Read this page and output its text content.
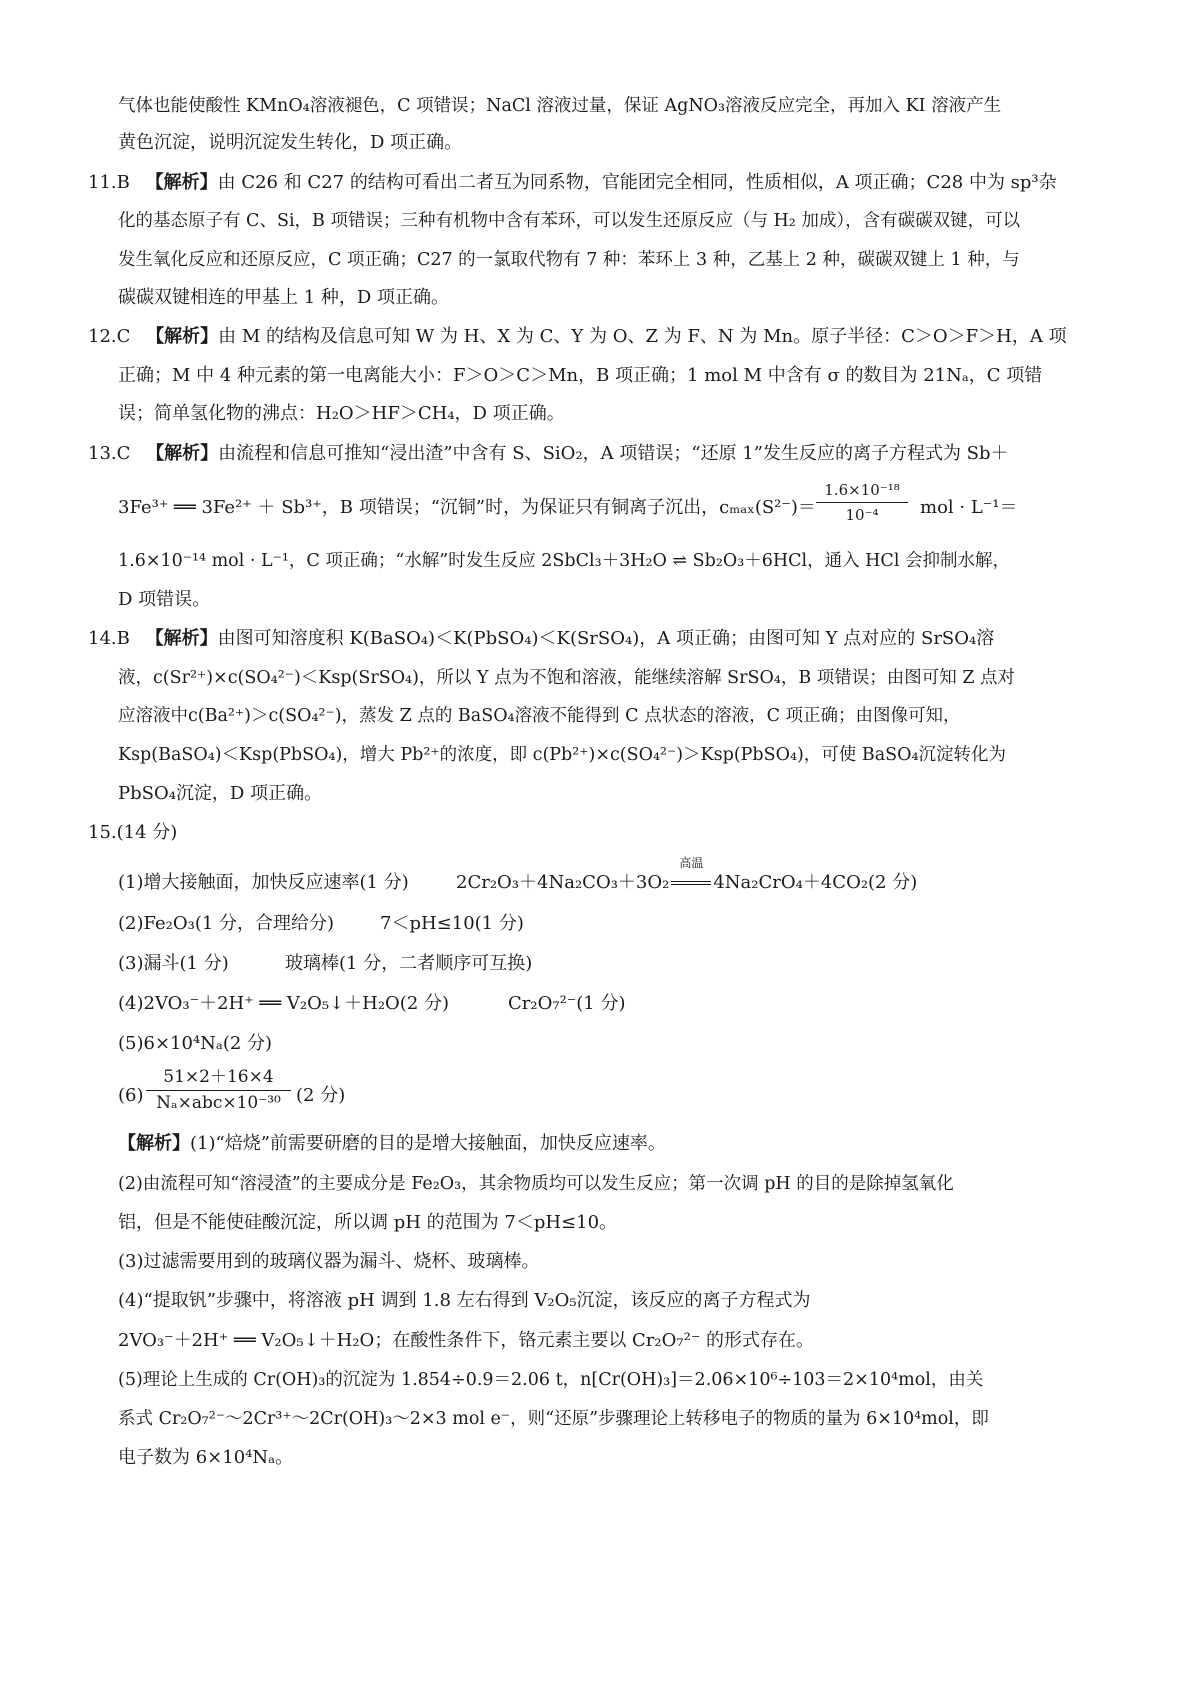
气体也能使酸性 KMnO₄溶液褪色，C 项错误；NaCl 溶液过量，保证 AgNO₃溶液反应完全，再加入 KI 溶液产生
黄色沉淀，说明沉淀发生转化，D 项正确。
11.B 【解析】由 C26 和 C27 的结构可看出二者互为同系物，官能团完全相同，性质相似，A 项正确；C28 中为 sp³杂
化的基态原子有 C、Si，B 项错误；三种有机物中含有苯环，可以发生还原反应（与 H₂ 加成），含有碳碳双键，可以
发生氧化反应和还原反应，C 项正确；C27 的一氯取代物有 7 种：苯环上 3 种，乙基上 2 种，碳碳双键上 1 种，与
碳碳双键相连的甲基上 1 种，D 项正确。
12.C 【解析】由 M 的结构及信息可知 W 为 H、X 为 C、Y 为 O、Z 为 F、N 为 Mn。原子半径：C＞O＞F＞H，A 项
正确；M 中 4 种元素的第一电离能大小：F＞O＞C＞Mn，B 项正确；1 mol M 中含有 σ 的数目为 21Nₐ，C 项错
误；简单氢化物的沸点：H₂O＞HF＞CH₄，D 项正确。
13.C 【解析】由流程和信息可推知“浸出渣”中含有 S、SiO₂，A 项错误；“还原 1”发生反应的离子方程式为 Sb＋
3Fe³⁺ ══ 3Fe²⁺ ＋ Sb³⁺，B 项错误；“沉铜”时，为保证只有铜离子沉出，$c_{max}(S^{2-})= \frac{\text{1.6×10⁻¹⁸}}{\text{10⁻⁴}}$ mol · L⁻¹＝
1.6×10⁻¹⁴ mol · L⁻¹，C 项正确；“水解”时发生反应 2SbCl₃＋3H₂O ⇌ Sb₂O₃＋6HCl，通入 HCl 会抑制水解，
D 项错误。
14.B 【解析】由图可知溶度积 K(BaSO₄)＜K(PbSO₄)＜K(SrSO₄)，A 项正确；由图可知 Y 点对应的 SrSO₄溶
液，c(Sr²⁺)×c(SO₄²⁻)＜Ksp(SrSO₄)，所以 Y 点为不饱和溶液，能继续溶解 SrSO₄，B 项错误；由图可知 Z 点对
应溶液中c(Ba²⁺)＞c(SO₄²⁻)，蒸发 Z 点的 BaSO₄溶液不能得到 C 点状态的溶液，C 项正确；由图像可知，
Ksp(BaSO₄)＜Ksp(PbSO₄)，增大 Pb²⁺的浓度，即 c(Pb²⁺)×c(SO₄²⁻)＞Ksp(PbSO₄)，可使 BaSO₄沉淀转化为
PbSO₄沉淀，D 项正确。
15.(14 分)
(1)增大接触面，加快反应速率(1 分)	2Cr₂O₃＋4Na₂CO₃＋3O₂
高温
4Na₂CrO₄＋4CO₂(2 分)
(2)Fe₂O₃(1 分，合理给分)	7＜pH≤10(1 分)
(3)漏斗(1 分)	玻璃棒(1 分，二者顺序可互换)
(4)2VO₃⁻＋2H⁺ ══ V₂O₅↓＋H₂O(2 分)	Cr₂O₇²⁻(1 分)
(5)6×10⁴Nₐ(2 分)
(6)
51×2＋16×4
Nₐ×abc×10⁻³⁰ (2 分)
【解析】(1)“焙烧”前需要研磨的目的是增大接触面，加快反应速率。
(2)由流程可知“溶浸渣”的主要成分是 Fe₂O₃，其余物质均可以发生反应；第一次调 pH 的目的是除掉氢氧化
铝，但是不能使硅酸沉淀，所以调 pH 的范围为 7＜pH≤10。
(3)过滤需要用到的玻璃仪器为漏斗、烧杯、玻璃棒。
(4)“提取钒”步骤中，将溶液 pH 调到 1.8 左右得到 V₂O₅沉淀，该反应的离子方程式为
2VO₃⁻＋2H⁺ ══ V₂O₅↓＋H₂O；在酸性条件下，铬元素主要以 Cr₂O₇²⁻ 的形式存在。
(5)理论上生成的 Cr(OH)₃的沉淀为 1.854÷0.9＝2.06 t，n[Cr(OH)₃]＝2.06×10⁶÷103＝2×10⁴mol，由关
系式 Cr₂O₇²⁻～2Cr³⁺～2Cr(OH)₃～2×3 mol e⁻，则“还原”步骤理论上转移电子的物质的量为 6×10⁴mol，即
电子数为 6×10⁴Nₐ。
